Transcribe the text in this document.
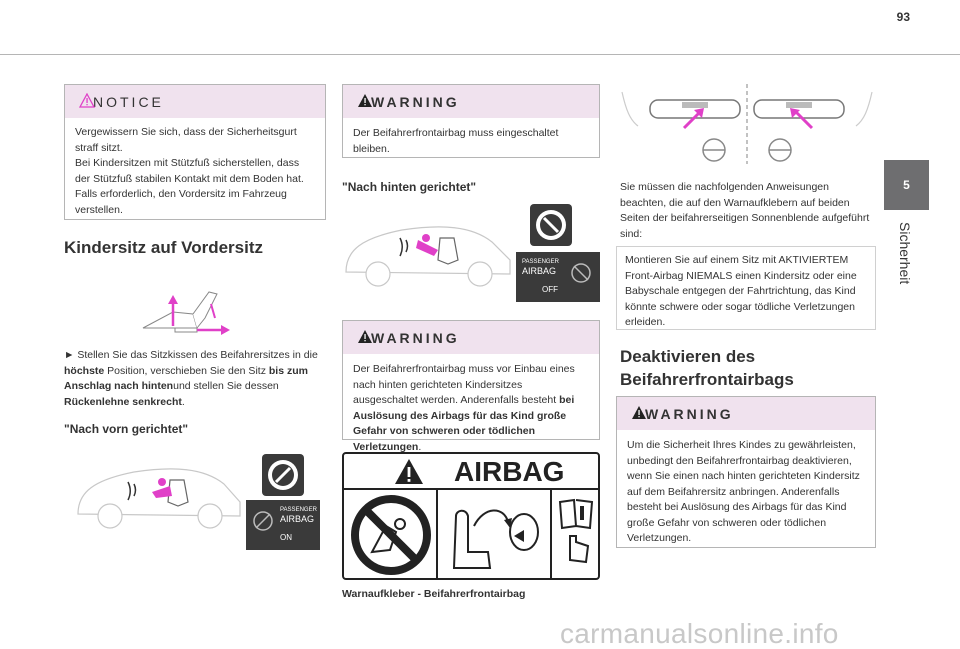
93
5
Sicherheit
NOTICE

Vergewissern Sie sich, dass der Sicherheitsgurt straff sitzt.

Bei Kindersitzen mit Stützfuß sicherstellen, dass der Stützfuß stabilen Kontakt mit dem Boden hat. Falls erforderlich, den Vordersitz im Fahrzeug verstellen.

Kindersitz auf Vordersitz
► Stellen Sie das Sitzkissen des Beifahrersitzes in die höchste Position, verschieben Sie den Sitz bis zum Anschlag nach hintenund stellen Sie dessen Rückenlehne senkrecht.
"Nach vorn gerichtet"
PASSENGER
AIRBAG
ON
WARNING

Der Beifahrerfrontairbag muss eingeschaltet bleiben.

"Nach hinten gerichtet"
PASSENGER
AIRBAG
OFF
WARNING

Der Beifahrerfrontairbag muss vor Einbau eines nach hinten gerichteten Kindersitzes ausgeschaltet werden. Anderenfalls besteht bei Auslösung des Airbags für das Kind große Gefahr von schweren oder tödlichen Verletzungen.

AIRBAG
Warnaufkleber - Beifahrerfrontairbag
Sie müssen die nachfolgenden Anweisungen beachten, die auf den Warnaufklebern auf beiden Seiten der beifahrerseitigen Sonnenblende aufgeführt sind:
Montieren Sie auf einem Sitz mit AKTIVIERTEM Front-Airbag NIEMALS einen Kindersitz oder eine Babyschale entgegen der Fahrtrichtung, das Kind könnte schwere oder sogar tödliche Verletzungen erleiden.
Deaktivieren des
Beifahrerfrontairbags
WARNING

Um die Sicherheit Ihres Kindes zu gewährleisten, unbedingt den Beifahrerfrontairbag deaktivieren, wenn Sie einen nach hinten gerichteten Kindersitz auf dem Beifahrersitz anbringen. Anderenfalls besteht bei Auslösung des Airbags für das Kind große Gefahr von schweren oder tödlichen Verletzungen.

carmanualsonline.info
